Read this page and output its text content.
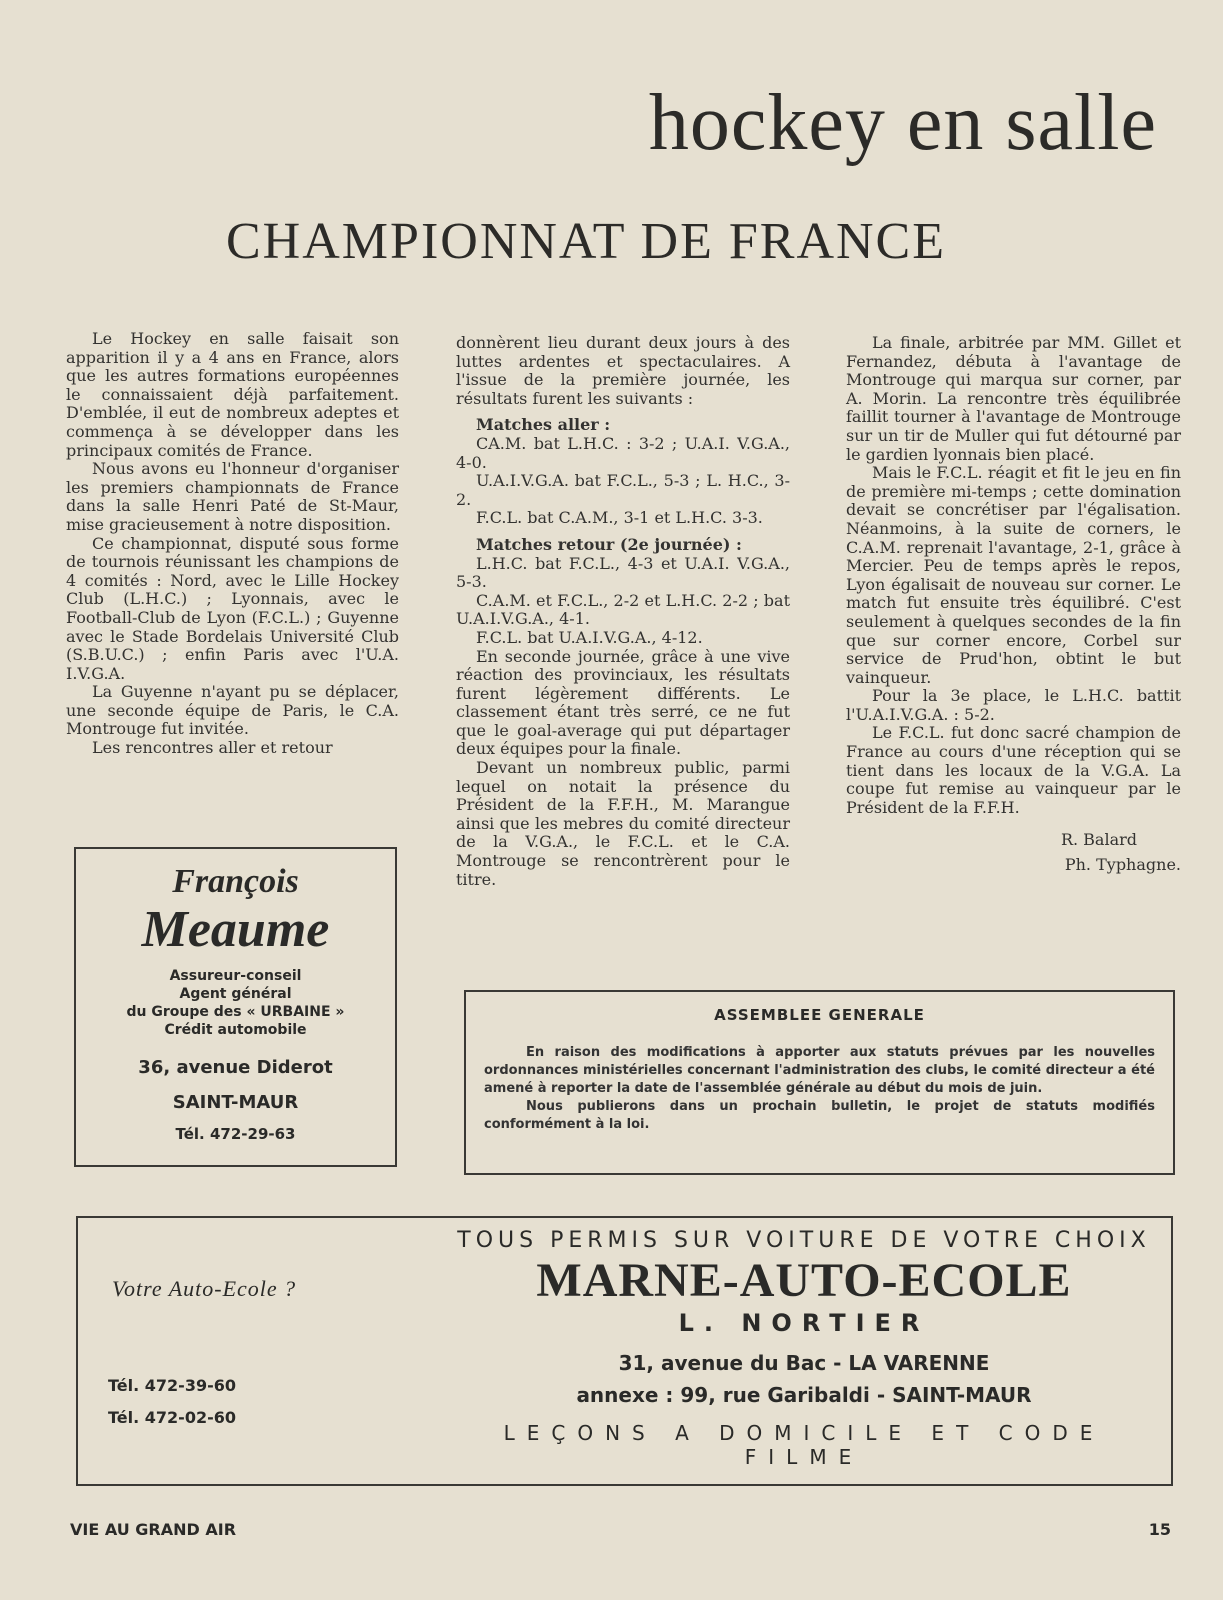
hockey en salle
CHAMPIONNAT DE FRANCE

Le Hockey en salle faisait son apparition il y a 4 ans en France, alors que les autres formations européennes le connaissaient déjà parfaitement. D'emblée, il eut de nombreux adeptes et commença à se développer dans les principaux comités de France.

Nous avons eu l'honneur d'organiser les premiers championnats de France dans la salle Henri Paté de St-Maur, mise gracieusement à notre disposition.

Ce championnat, disputé sous forme de tournois réunissant les champions de 4 comités : Nord, avec le Lille Hockey Club (L.H.C.) ; Lyonnais, avec le Football-Club de Lyon (F.C.L.) ; Guyenne avec le Stade Bordelais Université Club (S.B.U.C.) ; enfin Paris avec l'U.A. I.V.G.A.

La Guyenne n'ayant pu se déplacer, une seconde équipe de Paris, le C.A. Montrouge fut invitée.

Les rencontres aller et retour

donnèrent lieu durant deux jours à des luttes ardentes et spectaculaires. A l'issue de la première journée, les résultats furent les suivants :

Matches aller :

CA.M. bat L.H.C. : 3-2 ; U.A.I. V.G.A., 4-0.

U.A.I.V.G.A. bat F.C.L., 5-3 ; L. H.C., 3-2.

F.C.L. bat C.A.M., 3-1 et L.H.C. 3-3.

Matches retour (2e journée) :

L.H.C. bat F.C.L., 4-3 et U.A.I. V.G.A., 5-3.

C.A.M. et F.C.L., 2-2 et L.H.C. 2-2 ; bat U.A.I.V.G.A., 4-1.

F.C.L. bat U.A.I.V.G.A., 4-12.

En seconde journée, grâce à une vive réaction des provinciaux, les résultats furent légèrement différents. Le classement étant très serré, ce ne fut que le goal-average qui put départager deux équipes pour la finale.

Devant un nombreux public, parmi lequel on notait la présence du Président de la F.F.H., M. Marangue ainsi que les mebres du comité directeur de la V.G.A., le F.C.L. et le C.A. Montrouge se rencontrèrent pour le titre.

La finale, arbitrée par MM. Gillet et Fernandez, débuta à l'avantage de Montrouge qui marqua sur corner, par A. Morin. La rencontre très équilibrée faillit tourner à l'avantage de Montrouge sur un tir de Muller qui fut détourné par le gardien lyonnais bien placé.

Mais le F.C.L. réagit et fit le jeu en fin de première mi-temps ; cette domination devait se concrétiser par l'égalisation. Néanmoins, à la suite de corners, le C.A.M. reprenait l'avantage, 2-1, grâce à Mercier. Peu de temps après le repos, Lyon égalisait de nouveau sur corner. Le match fut ensuite très équilibré. C'est seulement à quelques secondes de la fin que sur corner encore, Corbel sur service de Prud'hon, obtint le but vainqueur.

Pour la 3e place, le L.H.C. battit l'U.A.I.V.G.A. : 5-2.

Le F.C.L. fut donc sacré champion de France au cours d'une réception qui se tient dans les locaux de la V.G.A. La coupe fut remise au vainqueur par le Président de la F.F.H.

R. Balard
Ph. Typhagne.
François
Meaume
Assureur-conseil
Agent général
du Groupe des « URBAINE »
Crédit automobile
36, avenue Diderot
SAINT-MAUR
Tél. 472-29-63
ASSEMBLEE GENERALE

En raison des modifications à apporter aux statuts prévues par les nouvelles ordonnances ministérielles concernant l'administration des clubs, le comité directeur a été amené à reporter la date de l'assemblée générale au début du mois de juin.

Nous publierons dans un prochain bulletin, le projet de statuts modifiés conformément à la loi.

Votre Auto-Ecole ?
Tél. 472-39-60
Tél. 472-02-60
TOUS PERMIS SUR VOITURE DE VOTRE CHOIX
MARNE-AUTO-ECOLE
L. NORTIER
31, avenue du Bac - LA VARENNE
annexe : 99, rue Garibaldi - SAINT-MAUR
LEÇONS A DOMICILE ET CODE FILME
VIE AU GRAND AIR	15
